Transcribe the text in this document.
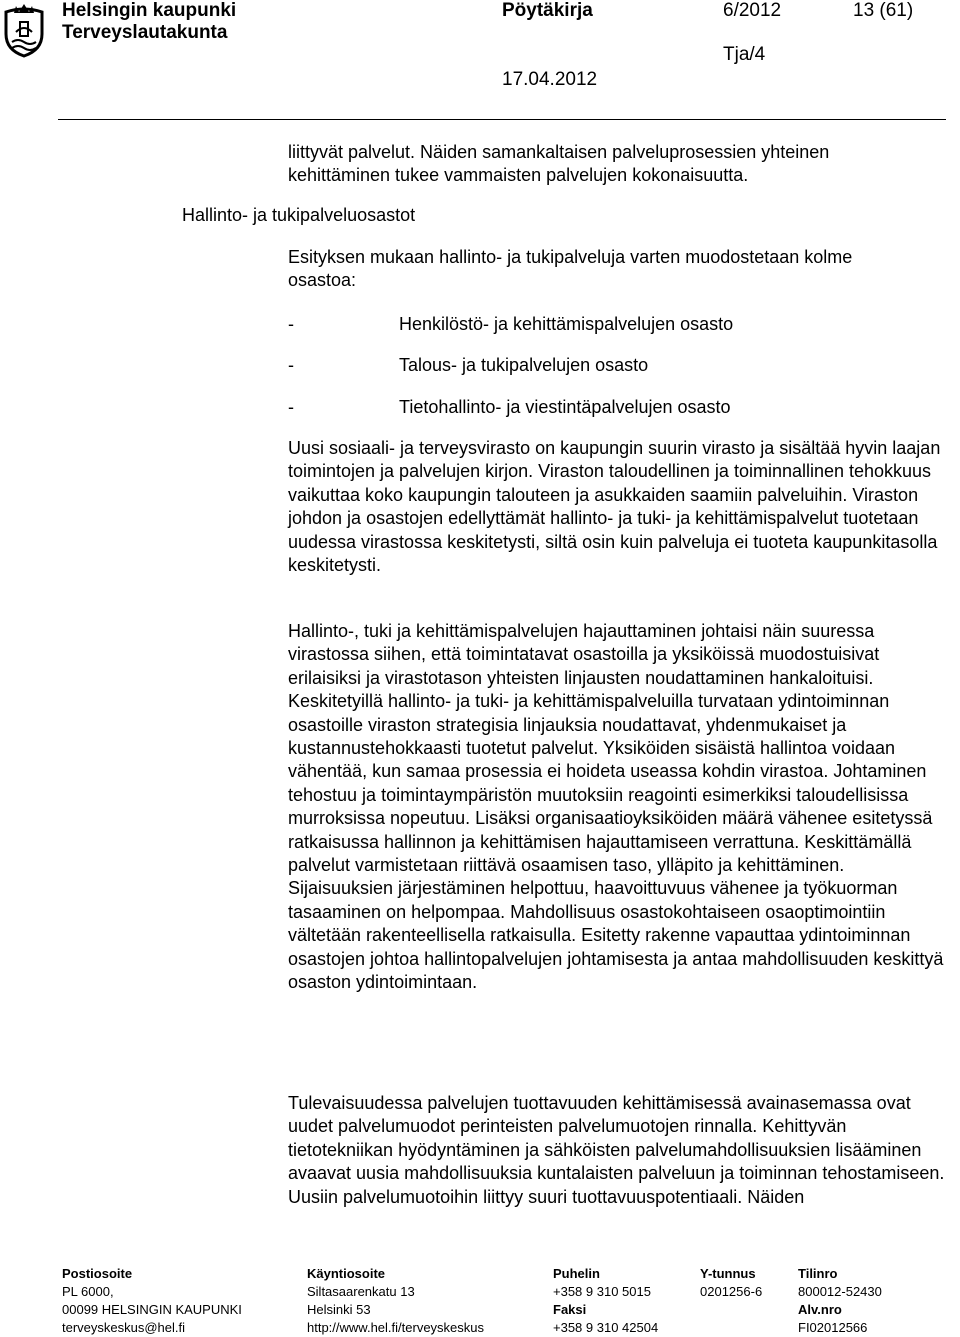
Helsingin kaupunki
Terveyslautakunta
Pöytäkirja	6/2012	13 (61)
Tja/4
17.04.2012
liittyvät palvelut. Näiden samankaltaisen palveluprosessien yhteinen
kehittäminen tukee vammaisten palvelujen kokonaisuutta.
Hallinto- ja tukipalveluosastot
Esityksen mukaan hallinto- ja tukipalveluja varten muodostetaan kolme
osastoa:
-	Henkilöstö- ja kehittämispalvelujen osasto
-	Talous- ja tukipalvelujen osasto
-	Tietohallinto- ja viestintäpalvelujen osasto

Uusi sosiaali- ja terveysvirasto on kaupungin suurin virasto ja sisältää hyvin laajan toimintojen ja palvelujen kirjon. Viraston taloudellinen ja toiminnallinen tehokkuus vaikuttaa koko kaupungin talouteen ja asukkaiden saamiin palveluihin. Viraston johdon ja osastojen edellyttämät hallinto- ja tuki- ja kehittämispalvelut tuotetaan uudessa virastossa keskitetysti, siltä osin kuin palveluja ei tuoteta kaupunkitasolla keskitetysti.

Hallinto-, tuki ja kehittämispalvelujen hajauttaminen johtaisi näin suuressa virastossa siihen, että toimintatavat osastoilla ja yksiköissä muodostuisivat erilaisiksi ja virastotason yhteisten linjausten noudattaminen hankaloituisi. Keskitetyillä hallinto- ja tuki- ja kehittämispalveluilla turvataan ydintoiminnan osastoille viraston strategisia linjauksia noudattavat, yhdenmukaiset ja kustannustehokkaasti tuotetut palvelut. Yksiköiden sisäistä hallintoa voidaan vähentää, kun samaa prosessia ei hoideta useassa kohdin virastoa. Johtaminen tehostuu ja toimintaympäristön muutoksiin reagointi esimerkiksi taloudellisissa murroksissa nopeutuu. Lisäksi organisaatioyksiköiden määrä vähenee esitetyssä ratkaisussa hallinnon ja kehittämisen hajauttamiseen verrattuna. Keskittämällä palvelut varmistetaan riittävä osaamisen taso, ylläpito ja kehittäminen. Sijaisuuksien järjestäminen helpottuu, haavoittuvuus vähenee ja työkuorman tasaaminen on helpompaa. Mahdollisuus osastokohtaiseen osaoptimointiin vältetään rakenteellisella ratkaisulla. Esitetty rakenne vapauttaa ydintoiminnan osastojen johtoa hallintopalvelujen johtamisesta ja antaa mahdollisuuden keskittyä osaston ydintoimintaan.

Tulevaisuudessa palvelujen tuottavuuden kehittämisessä avainasemassa ovat uudet palvelumuodot perinteisten palvelumuotojen rinnalla. Kehittyvän tietotekniikan hyödyntäminen ja sähköisten palvelumahdollisuuksien lisääminen avaavat uusia mahdollisuuksia kuntalaisten palveluun ja toiminnan tehostamiseen. Uusiin palvelumuotoihin liittyy suuri tuottavuuspotentiaali. Näiden

Postiosoite
PL 6000,
00099 HELSINGIN KAUPUNKI
terveyskeskus@hel.fi
Käyntiosoite
Siltasaarenkatu 13
Helsinki 53
http://www.hel.fi/terveyskeskus
Puhelin
+358 9 310 5015
Faksi
+358 9 310 42504
Y-tunnus
0201256-6
Tilinro
800012-52430
Alv.nro
FI02012566
